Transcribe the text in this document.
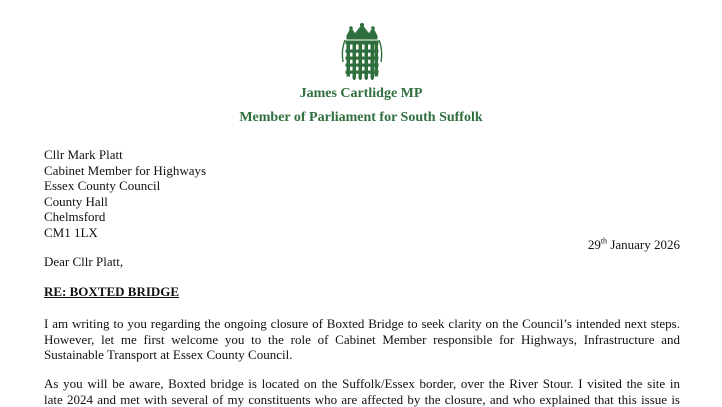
James Cartlidge MP
Member of Parliament for South Suffolk
Cllr Mark Platt
Cabinet Member for Highways
Essex County Council
County Hall
Chelmsford
CM1 1LX
29th January 2026
Dear Cllr Platt,
RE: BOXTED BRIDGE
I am writing to you regarding the ongoing closure of Boxted Bridge to seek clarity on the Council’s intended next steps.
However, let me first welcome you to the role of Cabinet Member responsible for Highways, Infrastructure and
Sustainable Transport at Essex County Council.
As you will be aware, Boxted bridge is located on the Suffolk/Essex border, over the River Stour. I visited the site in
late 2024 and met with several of my constituents who are affected by the closure, and who explained that this issue is
